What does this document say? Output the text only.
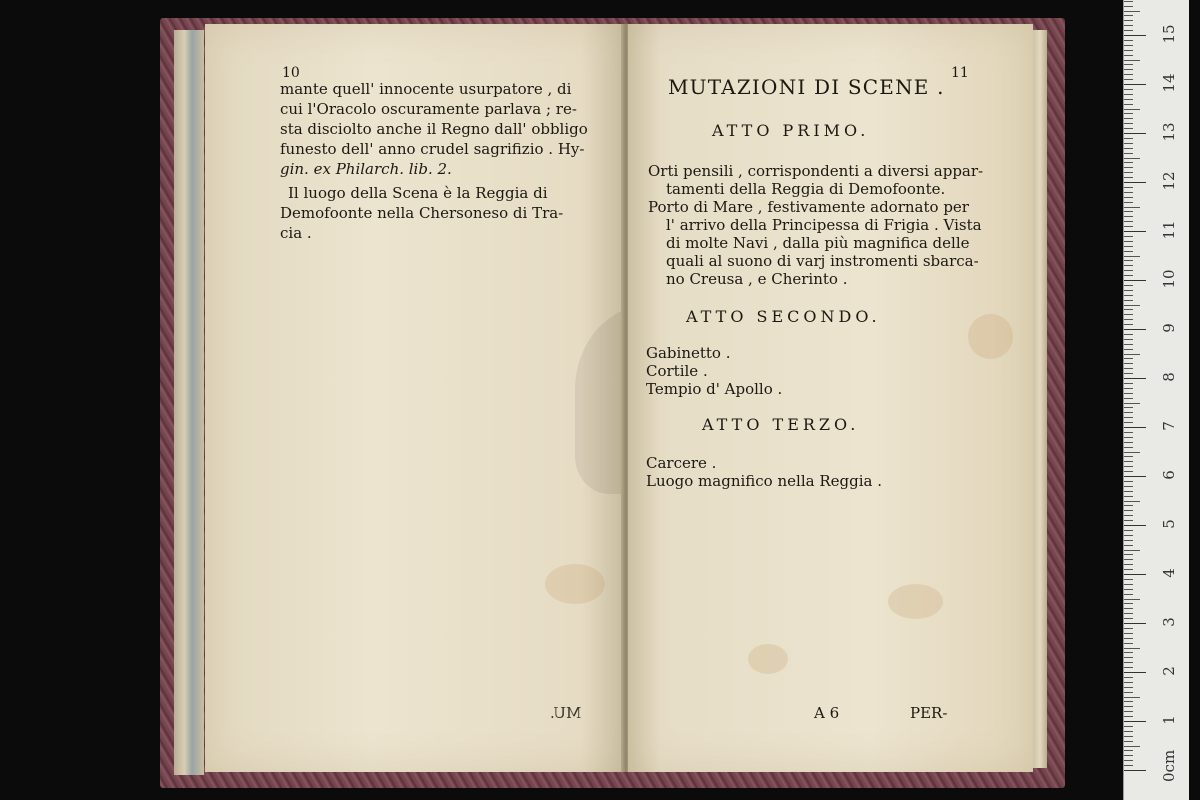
10
mante quell' innocente usurpatore , di
cui l'Oracolo oscuramente parlava ; re-
sta disciolto anche il Regno dall' obbligo
funesto dell' anno crudel sagrifizio . Hy-
gin. ex Philarch. lib. 2.
Il luogo della Scena è la Reggia di
Demofoonte nella Chersoneso di Tra-
cia .
MU.
11
MUTAZIONI DI SCENE .
ATTO PRIMO.
Orti pensili , corrispondenti a diversi appar-
tamenti della Reggia di Demofoonte.
Porto di Mare , festivamente adornato per
l' arrivo della Principessa di Frigia . Vista
di molte Navi , dalla più magnifica delle
quali al suono di varj instromenti sbarca-
no Creusa , e Cherinto .
ATTO SECONDO.
Gabinetto .
Cortile .
Tempio d' Apollo .
ATTO TERZO.
Carcere .
Luogo magnifico nella Reggia .
A 6	PER-
0cm
1
2
3
4
5
6
7
8
9
10
11
12
13
14
15
